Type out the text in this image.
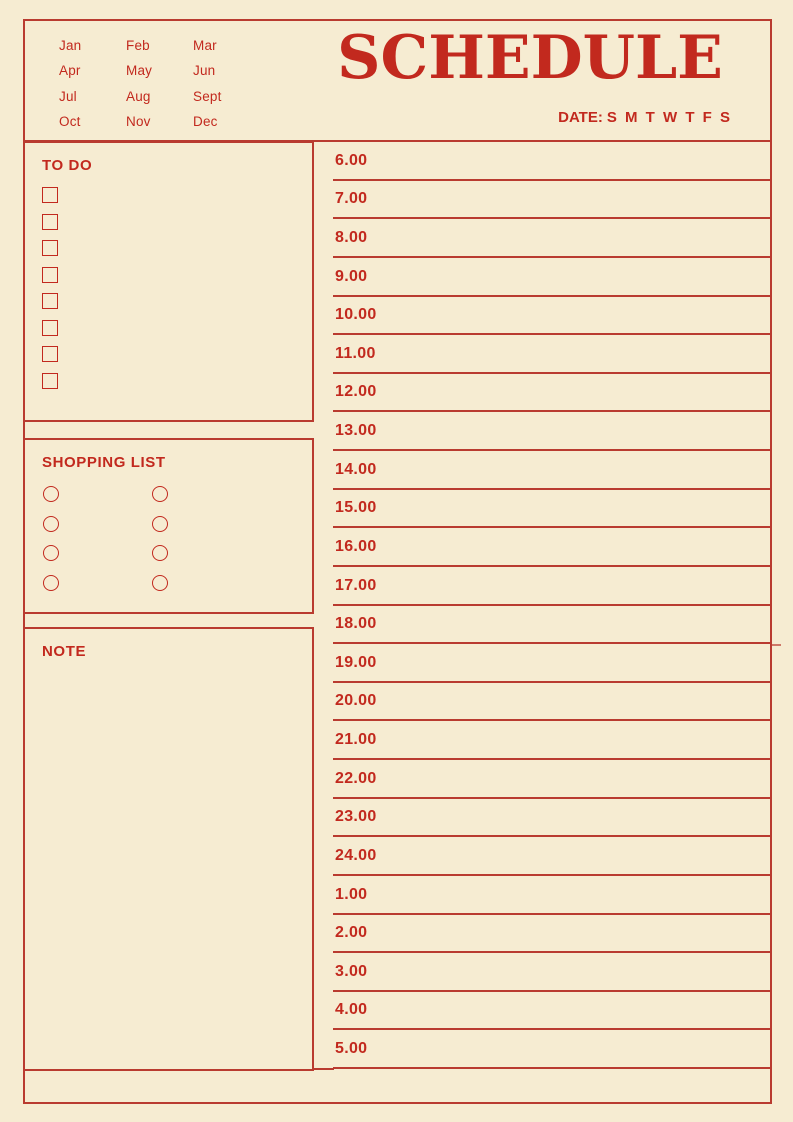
Jan	Feb	Mar
Apr	May	Jun
Jul	Aug	Sept
Oct	Nov	Dec
SCHEDULE
DATE: S M T W T F S
TO DO
SHOPPING LIST
NOTE
6.00
7.00
8.00
9.00
10.00
11.00
12.00
13.00
14.00
15.00
16.00
17.00
18.00
19.00
20.00
21.00
22.00
23.00
24.00
1.00
2.00
3.00
4.00
5.00
